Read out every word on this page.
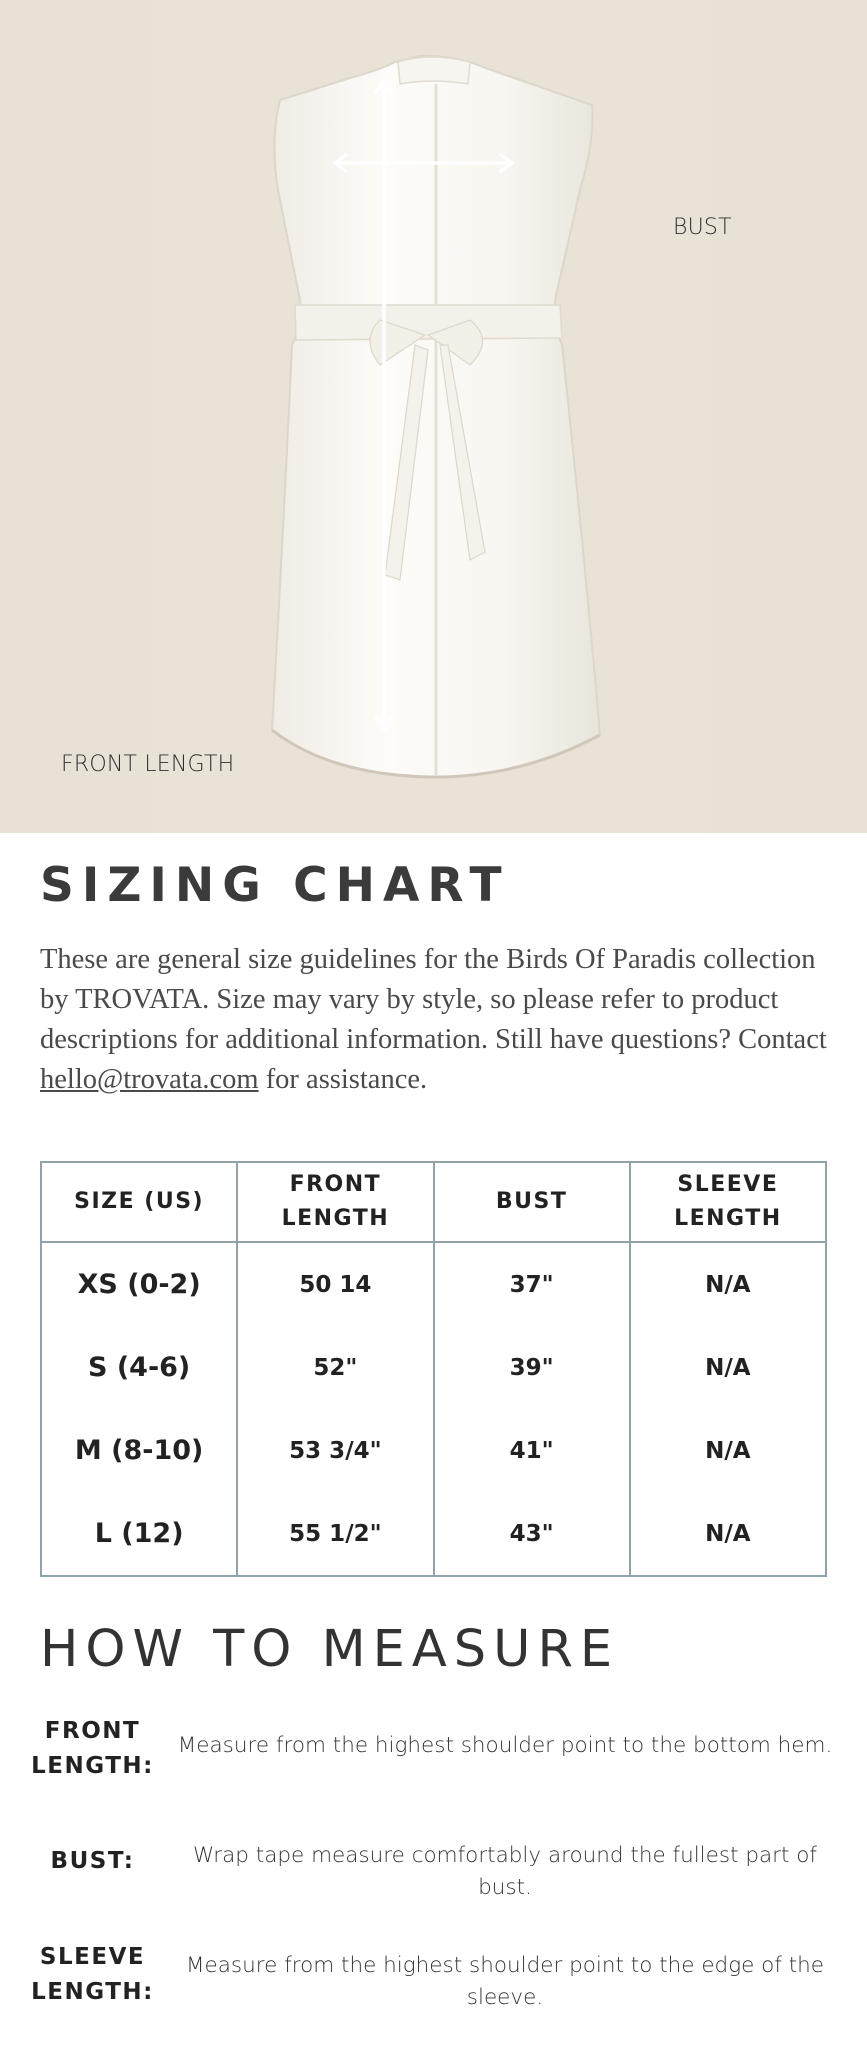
BUST
FRONT LENGTH
SIZING CHART

These are general size guidelines for the Birds Of Paradis collection by TROVATA. Size may vary by style, so please refer to product descriptions for additional information. Still have questions? Contact hello@trovata.com for assistance.

SIZE (US)	FRONT LENGTH	BUST	SLEEVE LENGTH
XS (0-2)	50 14	37"	N/A
S (4-6)	52"	39"	N/A
M (8-10)	53 3/4"	41"	N/A
L (12)	55 1/2"	43"	N/A
HOW TO MEASURE
FRONT LENGTH:
Measure from the highest shoulder point to the bottom hem.
BUST:	Wrap tape measure comfortably around the fullest part of bust.
SLEEVE LENGTH:
Measure from the highest shoulder point to the edge of the sleeve.
